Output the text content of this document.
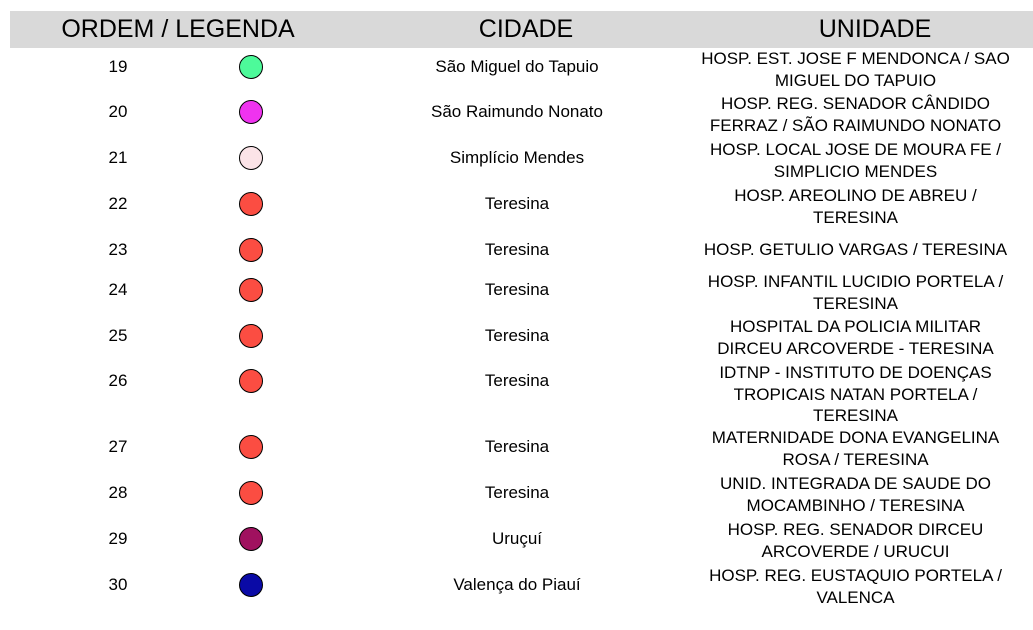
ORDEM / LEGENDA	CIDADE	UNIDADE
19	São Miguel do Tapuio	HOSP. EST. JOSE F MENDONCA / SAO
MIGUEL DO TAPUIO
20	São Raimundo Nonato	HOSP. REG. SENADOR CÂNDIDO
FERRAZ / SÃO RAIMUNDO NONATO
21	Simplício Mendes	HOSP. LOCAL JOSE DE MOURA FE /
SIMPLICIO MENDES
22	Teresina	HOSP. AREOLINO DE ABREU /
TERESINA
23	Teresina	HOSP. GETULIO VARGAS / TERESINA
24	Teresina	HOSP. INFANTIL LUCIDIO PORTELA /
TERESINA
25	Teresina	HOSPITAL DA POLICIA MILITAR
DIRCEU ARCOVERDE - TERESINA
26	Teresina	IDTNP - INSTITUTO DE DOENÇAS
TROPICAIS NATAN PORTELA /
TERESINA
27	Teresina	MATERNIDADE DONA EVANGELINA
ROSA / TERESINA
28	Teresina	UNID. INTEGRADA DE SAUDE DO
MOCAMBINHO / TERESINA
29	Uruçuí	HOSP. REG. SENADOR DIRCEU
ARCOVERDE / URUCUI
30	Valença do Piauí	HOSP. REG. EUSTAQUIO PORTELA /
VALENCA
